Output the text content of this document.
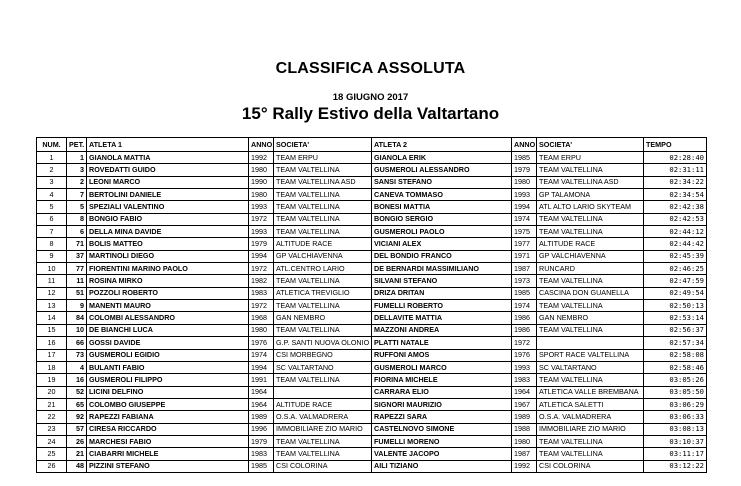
CLASSIFICA ASSOLUTA
18 GIUGNO 2017
15° Rally Estivo della Valtartano
NUM.	PET.	ATLETA 1	ANNO	SOCIETA'	ATLETA 2	ANNO	SOCIETA'	TEMPO
1	1	GIANOLA MATTIA	1992	TEAM ERPU	GIANOLA ERIK	1985	TEAM ERPU	02:28:40
2	3	ROVEDATTI GUIDO	1980	TEAM VALTELLINA	GUSMEROLI ALESSANDRO	1979	TEAM VALTELLINA	02:31:11
3	2	LEONI MARCO	1990	TEAM VALTELLINA ASD	SANSI STEFANO	1980	TEAM VALTELLINA ASD	02:34:22
4	7	BERTOLINI DANIELE	1980	TEAM VALTELLINA	CANEVA TOMMASO	1993	GP TALAMONA	02:34:54
5	5	SPEZIALI VALENTINO	1993	TEAM VALTELLINA	BONESI MATTIA	1994	ATL ALTO LARIO SKYTEAM	02:42:38
6	8	BONGIO FABIO	1972	TEAM VALTELLINA	BONGIO SERGIO	1974	TEAM VALTELLINA	02:42:53
7	6	DELLA MINA DAVIDE	1993	TEAM VALTELLINA	GUSMEROLI PAOLO	1975	TEAM VALTELLINA	02:44:12
8	71	BOLIS MATTEO	1979	ALTITUDE RACE	VICIANI ALEX	1977	ALTITUDE RACE	02:44:42
9	37	MARTINOLI DIEGO	1994	GP VALCHIAVENNA	DEL BONDIO FRANCO	1971	GP VALCHIAVENNA	02:45:39
10	77	FIORENTINI MARINO PAOLO	1972	ATL.CENTRO LARIO	DE BERNARDI MASSIMILIANO	1987	RUNCARD	02:46:25
11	11	ROSINA MIRKO	1982	TEAM VALTELLINA	SILVANI STEFANO	1973	TEAM VALTELLINA	02:47:59
12	51	POZZOLI ROBERTO	1983	ATLETICA TREVIGLIO	DRIZA DRITAN	1985	CASCINA DON GUANELLA	02:49:54
13	9	MANENTI MAURO	1972	TEAM VALTELLINA	FUMELLI ROBERTO	1974	TEAM VALTELLINA	02:50:13
14	84	COLOMBI ALESSANDRO	1968	GAN NEMBRO	DELLAVITE MATTIA	1986	GAN NEMBRO	02:53:14
15	10	DE BIANCHI LUCA	1980	TEAM VALTELLINA	MAZZONI ANDREA	1986	TEAM VALTELLINA	02:56:37
16	66	GOSSI DAVIDE	1976	G.P. SANTI NUOVA OLONIO	PLATTI NATALE	1972		02:57:34
17	73	GUSMEROLI EGIDIO	1974	CSI MORBEGNO	RUFFONI AMOS	1976	SPORT RACE VALTELLINA	02:58:08
18	4	BULANTI FABIO	1994	SC VALTARTANO	GUSMEROLI MARCO	1993	SC VALTARTANO	02:58:46
19	16	GUSMEROLI FILIPPO	1991	TEAM VALTELLINA	FIORINA MICHELE	1983	TEAM VALTELLINA	03:05:26
20	52	LICINI DELFINO	1964		CARRARA ELIO	1964	ATLETICA VALLE BREMBANA	03:05:50
21	65	COLOMBO GIUSEPPE	1964	ALTITUDE RACE	SIGNORI MAURIZIO	1967	ATLETICA SALETTI	03:06:29
22	92	RAPEZZI FABIANA	1989	O.S.A. VALMADRERA	RAPEZZI SARA	1989	O.S.A. VALMADRERA	03:06:33
23	57	CIRESA RICCARDO	1996	IMMOBILIARE ZIO MARIO	CASTELNOVO SIMONE	1988	IMMOBILIARE ZIO MARIO	03:08:13
24	26	MARCHESI FABIO	1979	TEAM VALTELLINA	FUMELLI MORENO	1980	TEAM VALTELLINA	03:10:37
25	21	CIABARRI MICHELE	1983	TEAM VALTELLINA	VALENTE JACOPO	1987	TEAM VALTELLINA	03:11:17
26	48	PIZZINI STEFANO	1985	CSI COLORINA	AILI TIZIANO	1992	CSI COLORINA	03:12:22
